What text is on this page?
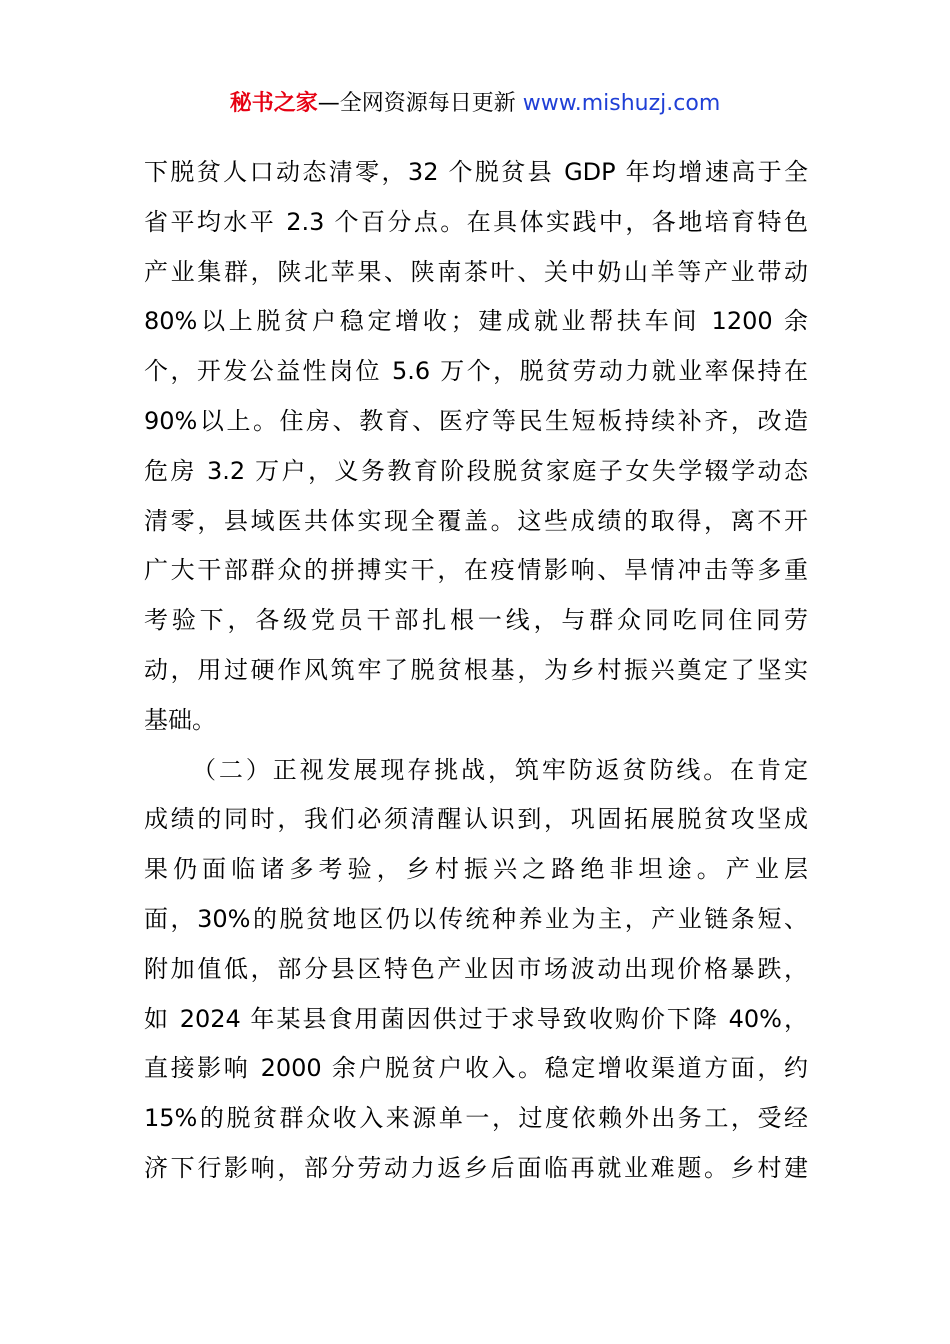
秘书之家—全网资源每日更新 www.mishuzj.com
下脱贫人口动态清零，32 个脱贫县 GDP 年均增速高于全
省平均水平 2.3 个百分点。在具体实践中，各地培育特色
产业集群，陕北苹果、陕南茶叶、关中奶山羊等产业带动
80%以上脱贫户稳定增收；建成就业帮扶车间 1200 余
个，开发公益性岗位 5.6 万个，脱贫劳动力就业率保持在
90%以上。住房、教育、医疗等民生短板持续补齐，改造
危房 3.2 万户，义务教育阶段脱贫家庭子女失学辍学动态
清零，县域医共体实现全覆盖。这些成绩的取得，离不开
广大干部群众的拼搏实干，在疫情影响、旱情冲击等多重
考验下，各级党员干部扎根一线，与群众同吃同住同劳
动，用过硬作风筑牢了脱贫根基，为乡村振兴奠定了坚实
基础。
（二）正视发展现存挑战，筑牢防返贫防线。在肯定
成绩的同时，我们必须清醒认识到，巩固拓展脱贫攻坚成
果仍面临诸多考验，乡村振兴之路绝非坦途。产业层
面，30%的脱贫地区仍以传统种养业为主，产业链条短、
附加值低，部分县区特色产业因市场波动出现价格暴跌，
如 2024 年某县食用菌因供过于求导致收购价下降 40%，
直接影响 2000 余户脱贫户收入。稳定增收渠道方面，约
15%的脱贫群众收入来源单一，过度依赖外出务工，受经
济下行影响，部分劳动力返乡后面临再就业难题。乡村建
